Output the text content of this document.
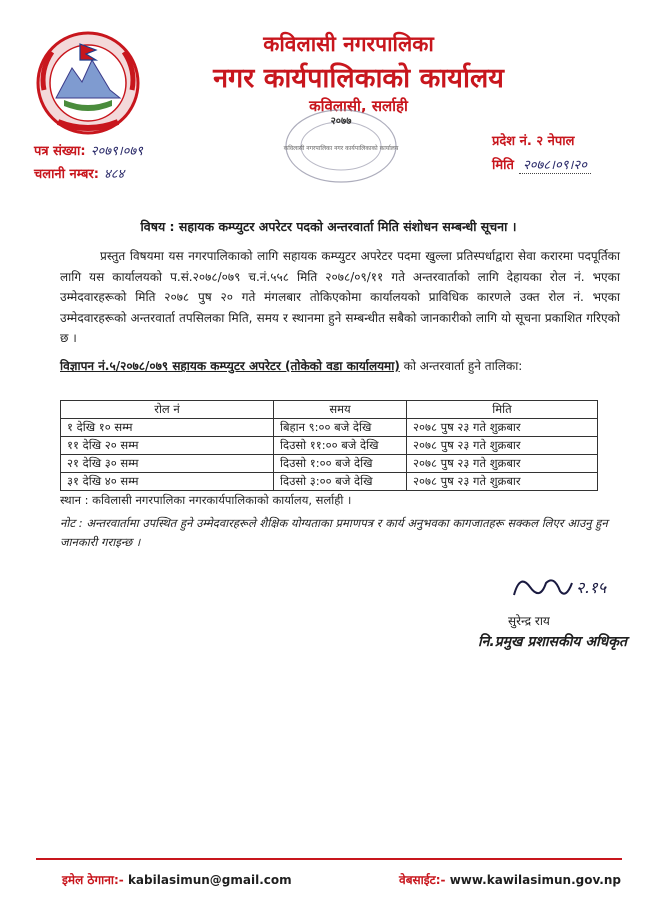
कविलासी नगरपालिका
नगर कार्यपालिकाको कार्यालय
कविलासी, सर्लाही
२०७७
कविलासी नगरपालिका नगर कार्यपालिकाको कार्यालय
पत्र संख्या: २०७९।०७९
चलानी नम्बर: ४८४
प्रदेश नं. २ नेपाल
मिति २०७८।०९।२०
विषय : सहायक कम्प्युटर अपरेटर पदको अन्तरवार्ता मिति संशोधन सम्बन्धी सूचना ।

प्रस्तुत विषयमा यस नगरपालिकाको लागि सहायक कम्प्युटर अपरेटर पदमा खुल्ला प्रतिस्पर्धाद्वारा सेवा करारमा पदपूर्तिका लागि यस कार्यालयको प.सं.२०७८/०७९ च.नं.५५८ मिति २०७८/०९/११ गते अन्तरवार्ताको लागि देहायका रोल नं. भएका उम्मेदवारहरूको मिति २०७८ पुष २० गते मंगलबार तोकिएकोमा कार्यालयको प्राविधिक कारणले उक्त रोल नं. भएका उम्मेदवारहरूको अन्तरवार्ता तपसिलका मिति, समय र स्थानमा हुने सम्बन्धीत सबैको जानकारीको लागि यो सूचना प्रकाशित गरिएको छ ।

विज्ञापन नं.५/२०७८/०७९ सहायक कम्प्युटर अपरेटर (तोकेको वडा कार्यालयमा) को अन्तरवार्ता हुने तालिका:
रोल नं	समय	मिति
१ देखि १० सम्म	बिहान ९:०० बजे देखि	२०७८ पुष २३ गते शुक्रबार
११ देखि २० सम्म	दिउसो ११:०० बजे देखि	२०७८ पुष २३ गते शुक्रबार
२१ देखि ३० सम्म	दिउसो १:०० बजे देखि	२०७८ पुष २३ गते शुक्रबार
३१ देखि ४० सम्म	दिउसो ३:०० बजे देखि	२०७८ पुष २३ गते शुक्रबार
स्थान : कविलासी नगरपालिका नगरकार्यपालिकाको कार्यालय, सर्लाही ।
नोट : अन्तरवार्तामा उपस्थित हुने उम्मेदवारहरूले शैक्षिक योग्यताका प्रमाणपत्र र कार्य अनुभवका कागजातहरू सक्कल लिएर आउनु हुन जानकारी गराइन्छ ।
२.१५
सुरेन्द्र राय
नि.प्रमुख प्रशासकीय अधिकृत
इमेल ठेगाना:- kabilasimun@gmail.com	वेबसाईट:- www.kawilasimun.gov.np
